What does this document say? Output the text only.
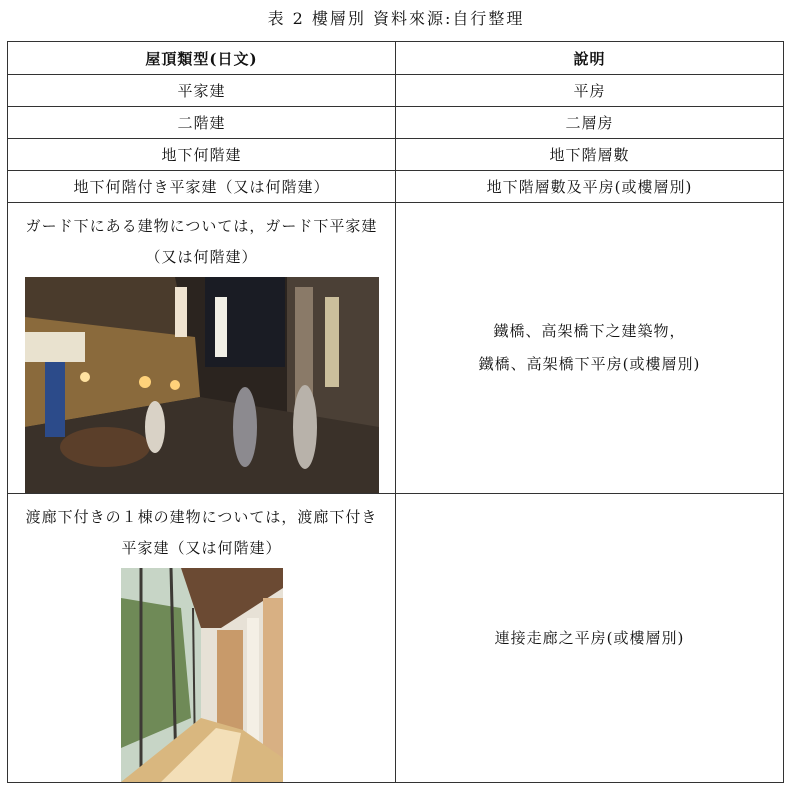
表 2 樓層別 資料來源:自行整理
屋頂類型(日文)	說明
平家建	平房
二階建	二層房
地下何階建	地下階層數
地下何階付き平家建（又は何階建）	地下階層數及平房(或樓層別)

ガード下にある建物については，ガード下平家建（又は何階建）	鐵橋、高架橋下之建築物，
鐵橋、高架橋下平房(或樓層別)

渡廊下付きの１棟の建物については，渡廊下付き平家建（又は何階建）	連接走廊之平房(或樓層別)
